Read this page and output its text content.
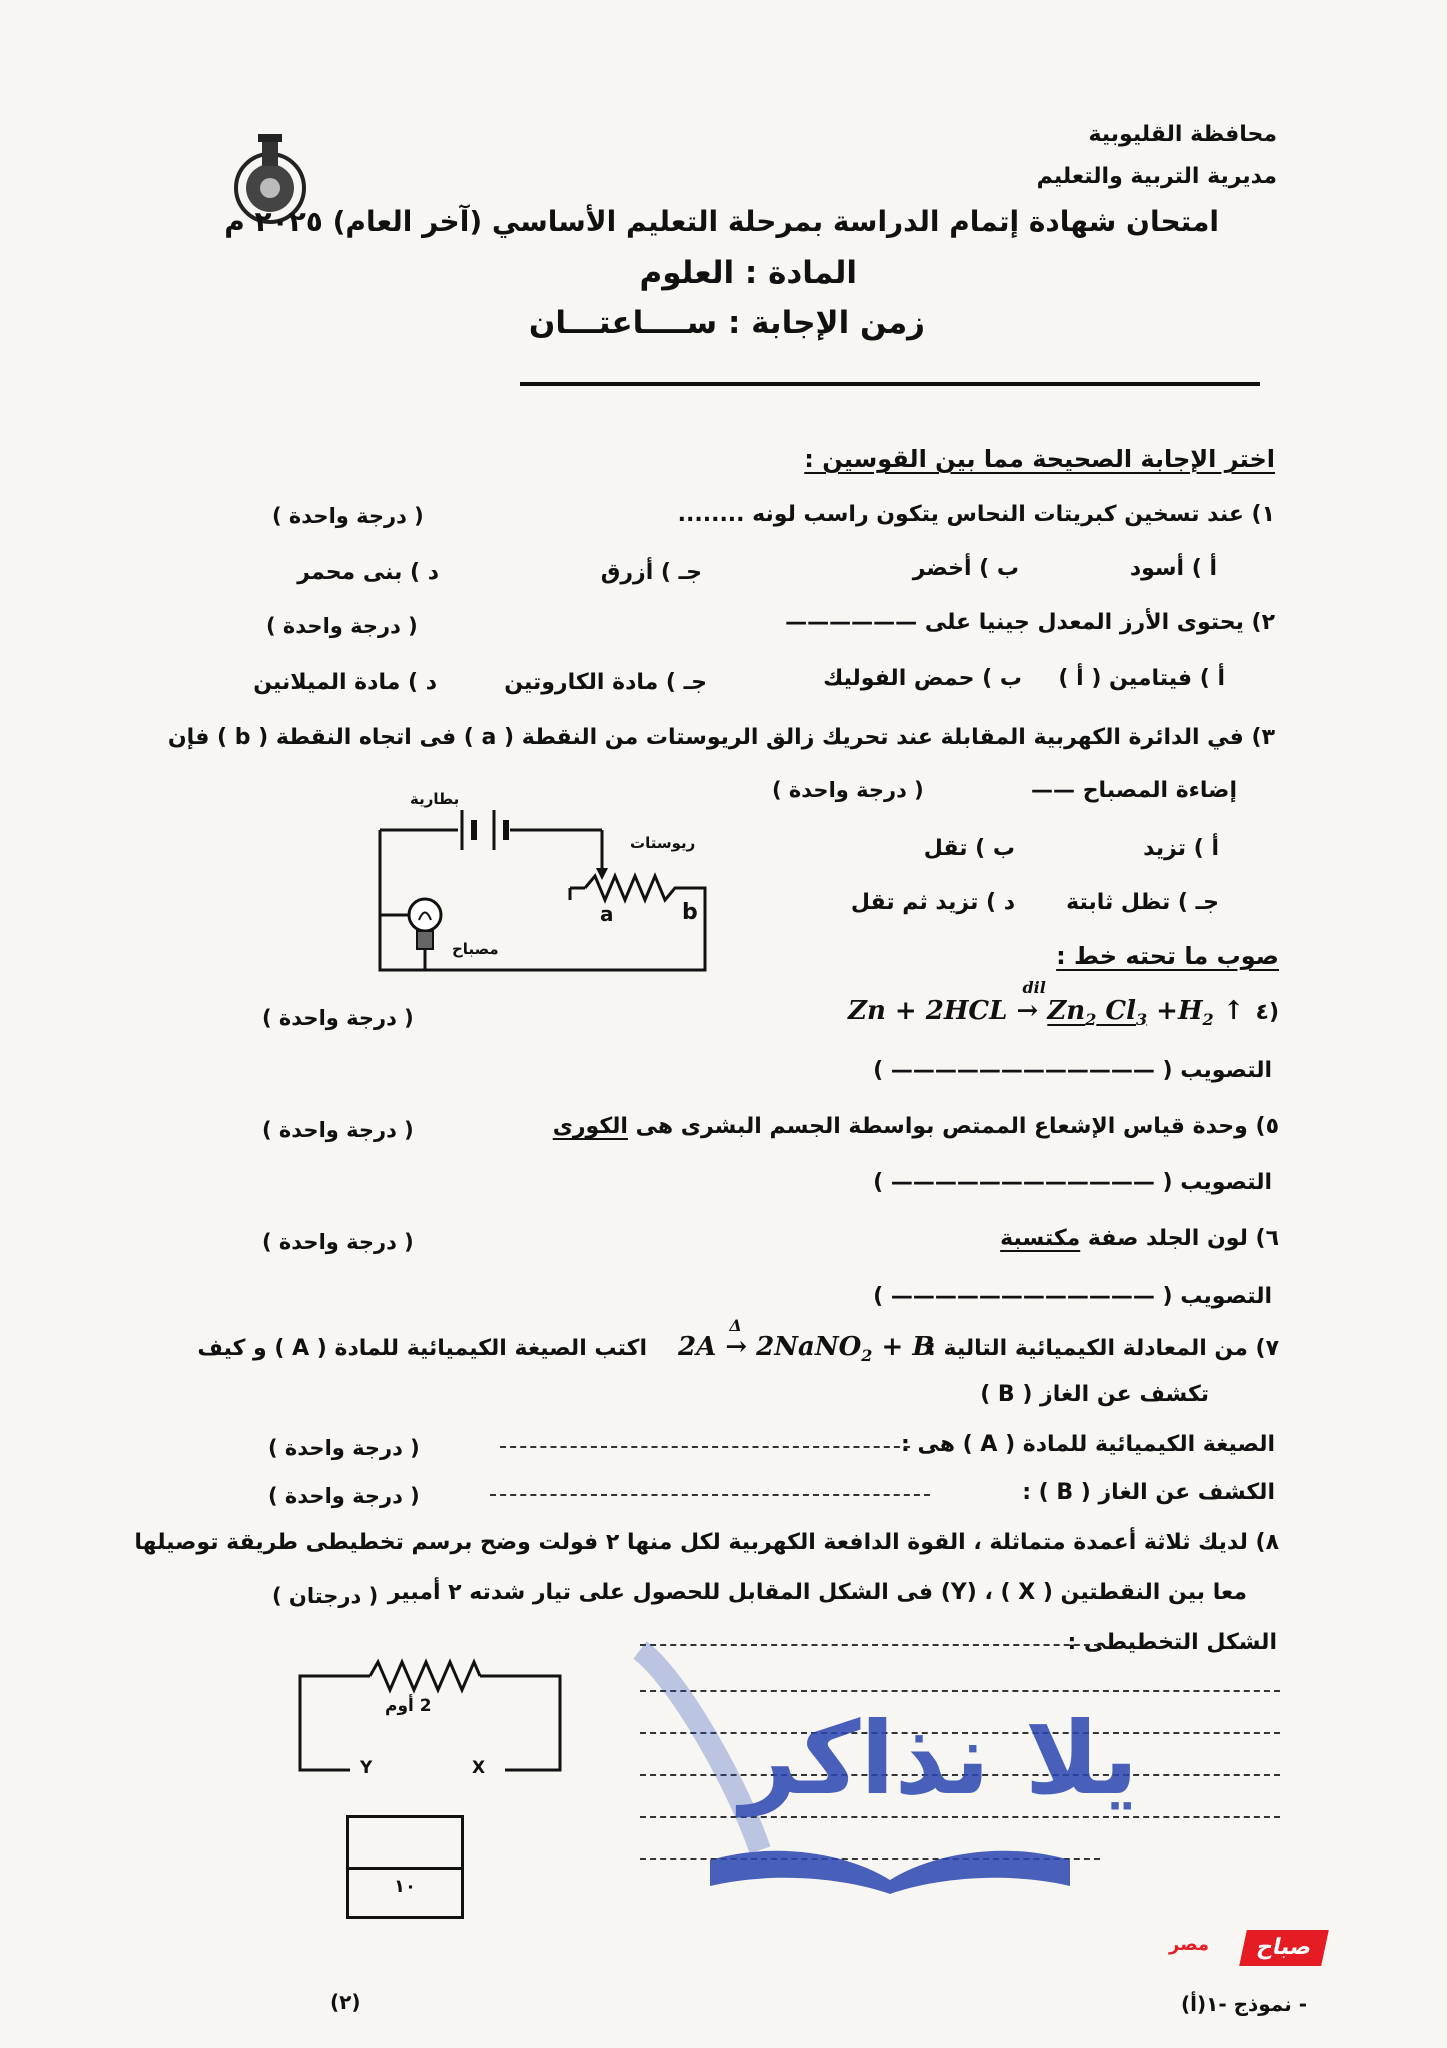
محافظة القليوبية
مديرية التربية والتعليم
امتحان شهادة إتمام الدراسة بمرحلة التعليم الأساسي (آخر العام) ٢٠٢٥ م
المادة : العلوم
زمن الإجابة : ســــاعتـــان
اختر الإجابة الصحيحة مما بين القوسين :
١) عند تسخين كبريتات النحاس يتكون راسب لونه ........
( درجة واحدة )
أ ) أسود
ب ) أخضر
جـ ) أزرق
د ) بنى محمر
٢) يحتوى الأرز المعدل جينيا على ——————
( درجة واحدة )
أ ) فيتامين ( أ )
ب ) حمض الفوليك
جـ ) مادة الكاروتين
د ) مادة الميلانين
٣) في الدائرة الكهربية المقابلة عند تحريك زالق الريوستات من النقطة ( a ) فى اتجاه النقطة ( b ) فإن
إضاءة المصباح ——
( درجة واحدة )
أ ) تزيد
ب ) تقل
جـ ) تظل ثابتة
د ) تزيد ثم تقل
بطارية
ريوستات
مصباح
a	b
صوب ما تحته خط :
٤)
Zn + 2HCL
dil
→ $Zn_2$ $Cl_3 +H_2$ ↑
( درجة واحدة )
التصويب ( ———————————— )
٥) وحدة قياس الإشعاع الممتص بواسطة الجسم البشرى هى الكورى
( درجة واحدة )
التصويب ( ———————————— )
٦) لون الجلد صفة مكتسبة
( درجة واحدة )
التصويب ( ———————————— )
٧) من المعادلة الكيميائية التالية :
2A
Δ
→ 2NaNO$_2$ + B
اكتب الصيغة الكيميائية للمادة ( A ) و كيف
تكشف عن الغاز ( B )
الصيغة الكيميائية للمادة ( A ) هى :
( درجة واحدة )
الكشف عن الغاز ( B ) :
( درجة واحدة )
٨) لديك ثلاثة أعمدة متماثلة ، القوة الدافعة الكهربية لكل منها ٢ فولت وضح برسم تخطيطى طريقة توصيلها
معا بين النقطتين ( X ) ، (Y) فى الشكل المقابل للحصول على تيار شدته ٢ أمبير
( درجتان )
الشكل التخطيطى :
2 أوم
Y	X
١٠
يلا نذاكر
صباح
مصر
- نموذج -١(أ)
(٢)
